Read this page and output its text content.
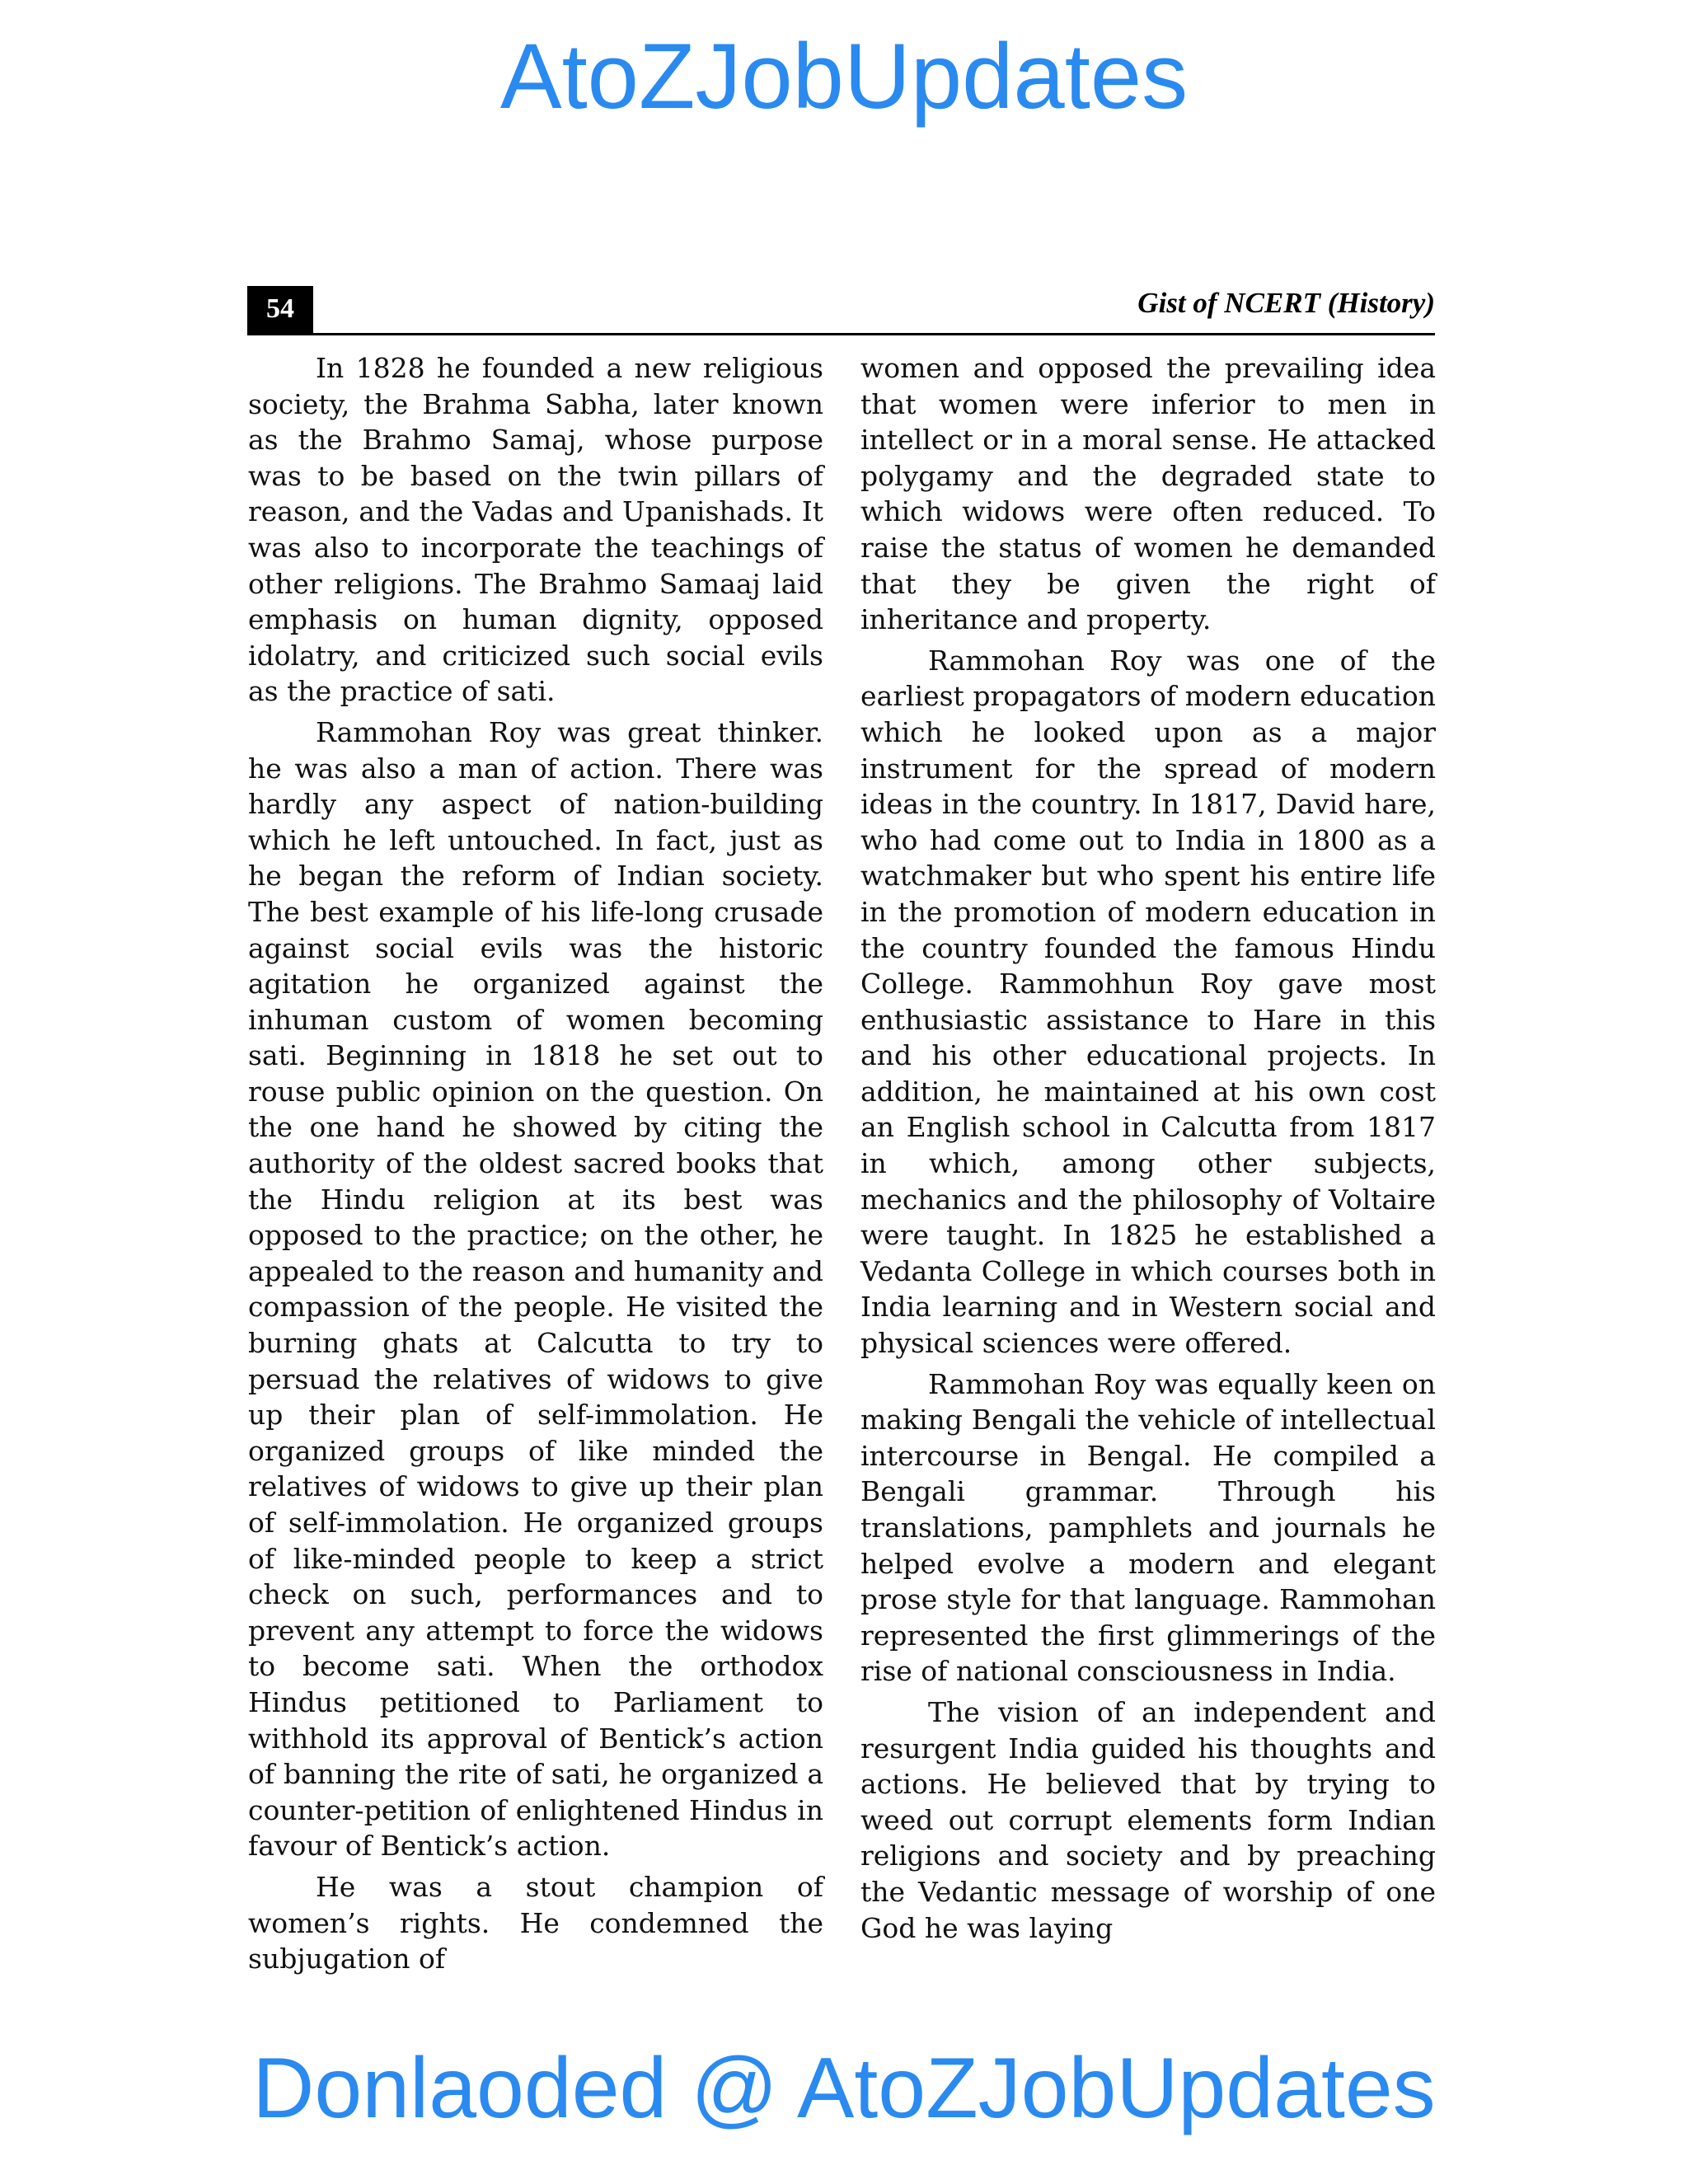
AtoZJobUpdates
54	Gist of NCERT (History)

In 1828 he founded a new religious society, the Brahma Sabha, later known as the Brahmo Samaj, whose purpose was to be based on the twin pillars of reason, and the Vadas and Upanishads. It was also to incorporate the teachings of other religions. The Brahmo Samaaj laid emphasis on human dignity, opposed idolatry, and criticized such social evils as the practice of sati.

Rammohan Roy was great thinker. he was also a man of action. There was hardly any aspect of nation-building which he left untouched. In fact, just as he began the reform of Indian society. The best example of his life-long crusade against social evils was the historic agitation he organized against the inhuman custom of women becoming sati. Beginning in 1818 he set out to rouse public opinion on the question. On the one hand he showed by citing the authority of the oldest sacred books that the Hindu religion at its best was opposed to the practice; on the other, he appealed to the reason and humanity and compassion of the people. He visited the burning ghats at Calcutta to try to persuad the relatives of widows to give up their plan of self-immolation. He organized groups of like minded the relatives of widows to give up their plan of self-immolation. He organized groups of like-minded people to keep a strict check on such, performances and to prevent any attempt to force the widows to become sati. When the orthodox Hindus petitioned to Parliament to withhold its approval of Bentick’s action of banning the rite of sati, he organized a counter-petition of enlightened Hindus in favour of Bentick’s action.

He was a stout champion of women’s rights. He condemned the subjugation of

women and opposed the prevailing idea that women were inferior to men in intellect or in a moral sense. He attacked polygamy and the degraded state to which widows were often reduced. To raise the status of women he demanded that they be given the right of inheritance and property.

Rammohan Roy was one of the earliest propagators of modern education which he looked upon as a major instrument for the spread of modern ideas in the country. In 1817, David hare, who had come out to India in 1800 as a watchmaker but who spent his entire life in the promotion of modern education in the country founded the famous Hindu College. Rammohhun Roy gave most enthusiastic assistance to Hare in this and his other educational projects. In addition, he maintained at his own cost an English school in Calcutta from 1817 in which, among other subjects, mechanics and the philosophy of Voltaire were taught. In 1825 he established a Vedanta College in which courses both in India learning and in Western social and physical sciences were offered.

Rammohan Roy was equally keen on making Bengali the vehicle of intellectual intercourse in Bengal. He compiled a Bengali grammar. Through his translations, pamphlets and journals he helped evolve a modern and elegant prose style for that language. Rammohan represented the first glimmerings of the rise of national consciousness in India.

The vision of an independent and resurgent India guided his thoughts and actions. He believed that by trying to weed out corrupt elements form Indian religions and society and by preaching the Vedantic message of worship of one God he was laying

Donlaoded @ AtoZJobUpdates
